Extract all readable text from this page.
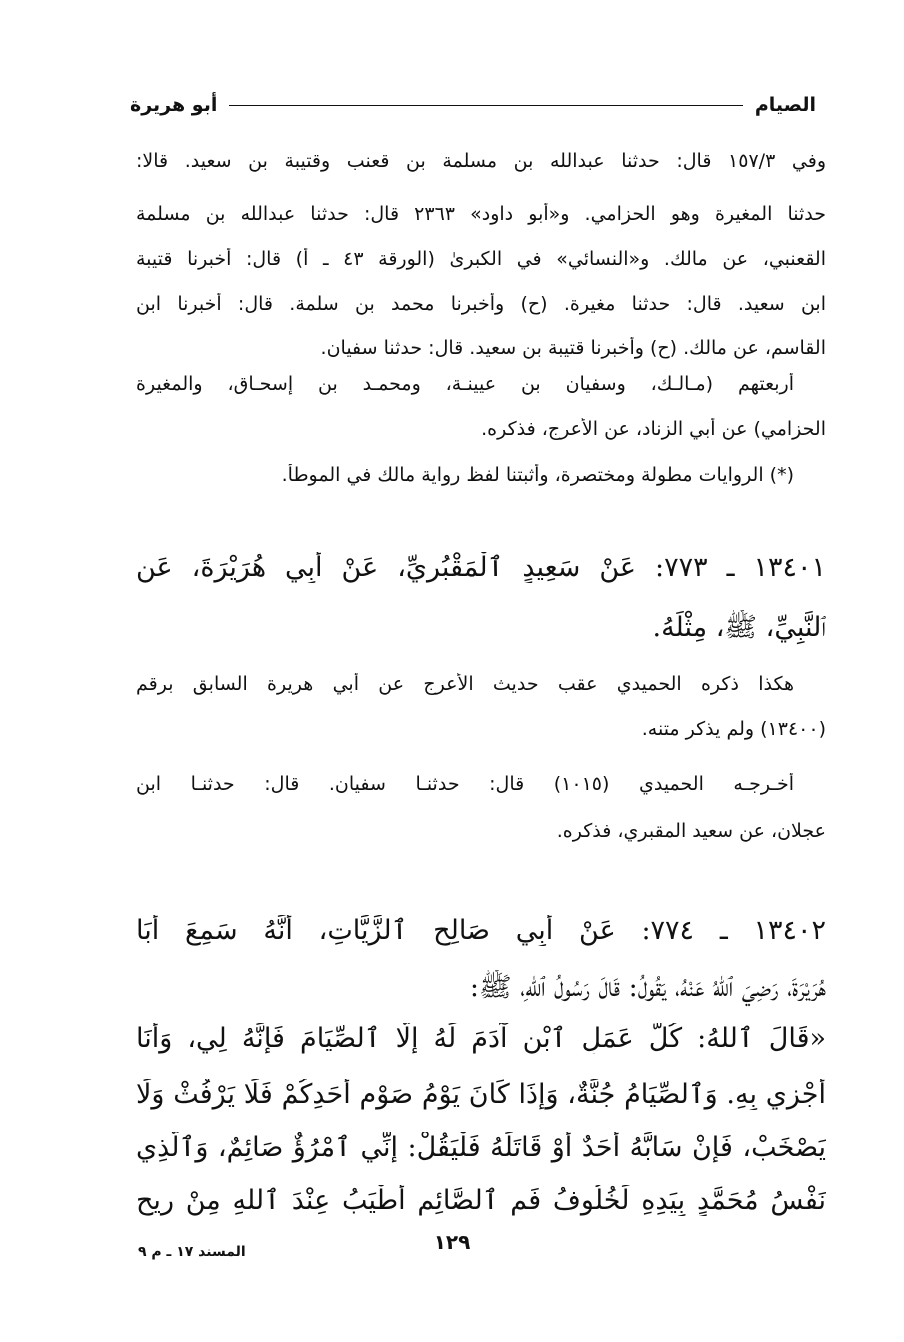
الصيام
أبو هريرة
وفي ١٥٧/٣ قال: حدثنا عبدالله بن مسلمة بن قعنب وقتيبة بن سعيد. قالا:
حدثنا المغيرة وهو الحزامي. و«أبو داود» ٢٣٦٣ قال: حدثنا عبدالله بن مسلمة
القعنبي، عن مالك. و«النسائي» في الكبرىٰ (الورقة ٤٣ ـ أ) قال: أخبرنا قتيبة
ابن سعيد. قال: حدثنا مغيرة. (ح) وأخبرنا محمد بن سلمة. قال: أخبرنا ابن
القاسم، عن مالك. (ح) وأخبرنا قتيبة بن سعيد. قال: حدثنا سفيان.
أربعتهم (مـالـك، وسفيان بن عيينـة، ومحمـد بن إسحـاق، والمغيرة
الحزامي) عن أبي الزناد، عن الأعرج، فذكره.
(*) الروايات مطولة ومختصرة، وأثبتنا لفظ رواية مالك في الموطأ.
١٣٤٠١ ـ ٧٧٣: عَنْ سَعِيدٍ ٱلْمَقْبُرِيِّ، عَنْ أَبِي هُرَيْرَةَ، عَنِ
ٱلنَّبِيِّ، ﷺ، مِثْلَهُ.
هكذا ذكره الحميدي عقب حديث الأعرج عن أبي هريرة السابق برقم
(١٣٤٠٠) ولم يذكر متنه.
أخـرجـه الحميدي (١٠١٥) قال: حدثنـا سفيان. قال: حدثنـا ابن
عجلان، عن سعيد المقبري، فذكره.
١٣٤٠٢ ـ ٧٧٤: عَنْ أَبِي صَالِحٍ ٱلزَّيَّاتِ، أَنَّهُ سَمِعَ أَبَا
هُرَيْرَةَ، رَضِيَ ٱللهُ عَنْهُ، يَقُولُ: قَالَ رَسُولُ ٱللهِ، ﷺ:
«قَالَ ٱللهُ: كُلُّ عَمَلِ ٱبْنِ آدَمَ لَهُ إِلَّا ٱلصِّيَامَ فَإِنَّهُ لِي، وَأَنَا
أَجْزِي بِهِ. وَٱلصِّيَامُ جُنَّةٌ، وَإِذَا كَانَ يَوْمُ صَوْمِ أَحَدِكُمْ فَلَا يَرْفُثْ وَلَا
يَصْخَبْ، فَإِنْ سَابَّهُ أَحَدٌ أَوْ قَاتَلَهُ فَلْيَقُلْ: إِنِّي ٱمْرُؤٌ صَائِمٌ، وَٱلَّذِي
نَفْسُ مُحَمَّدٍ بِيَدِهِ لَخُلُوفُ فَمِ ٱلصَّائِمِ أَطْيَبُ عِنْدَ ٱللهِ مِنْ رِيحِ
١٢٩
المسند ١٧ ـ م ٩
